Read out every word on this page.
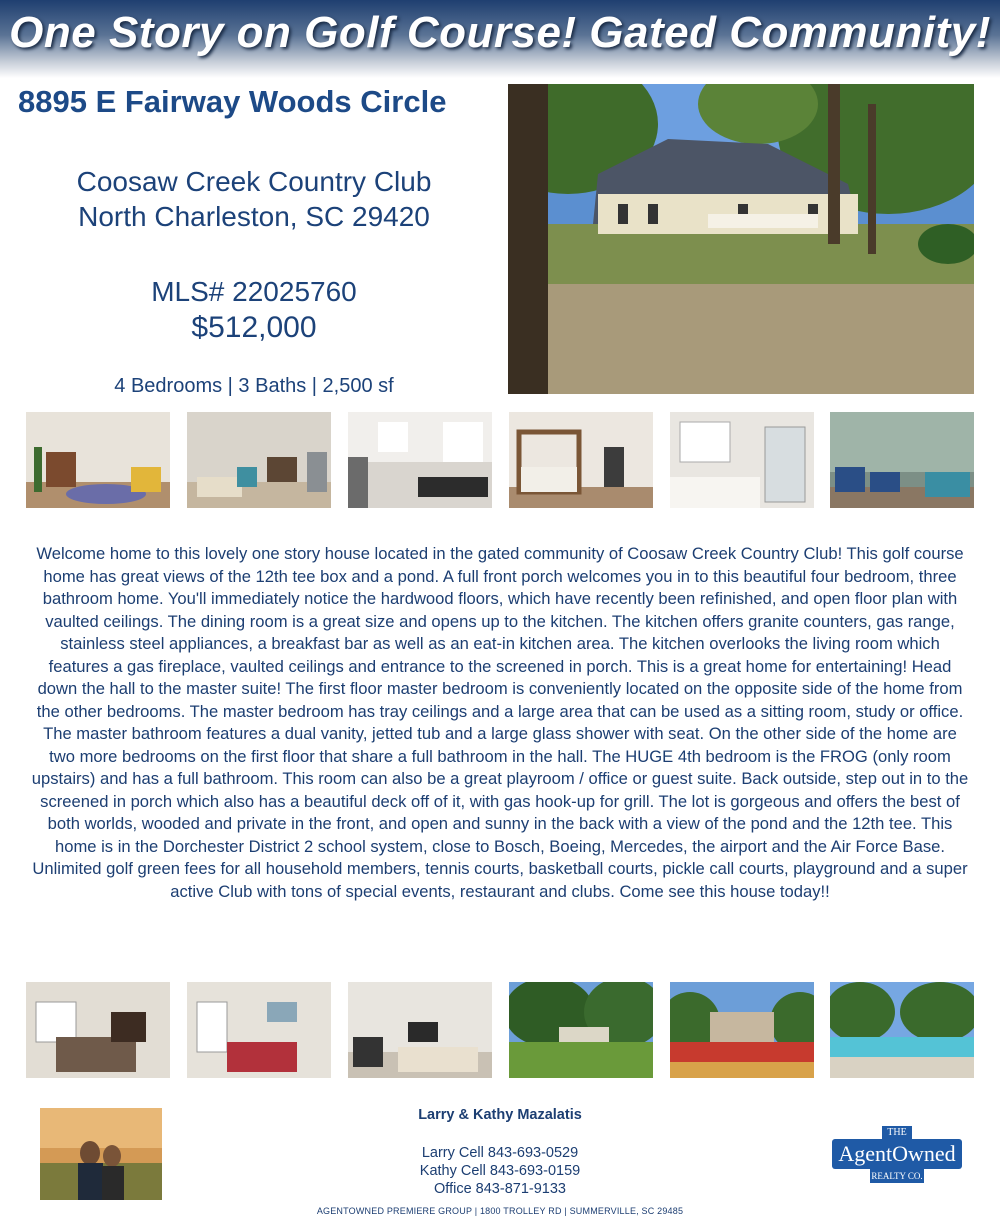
One Story on Golf Course! Gated Community!
8895 E Fairway Woods Circle
Coosaw Creek Country Club
North Charleston, SC 29420
MLS# 22025760
$512,000
4 Bedrooms | 3 Baths | 2,500 sf

Welcome home to this lovely one story house located in the gated community of Coosaw Creek Country Club! This golf course home has great views of the 12th tee box and a pond. A full front porch welcomes you in to this beautiful four bedroom, three bathroom home. You'll immediately notice the hardwood floors, which have recently been refinished, and open floor plan with vaulted ceilings. The dining room is a great size and opens up to the kitchen. The kitchen offers granite counters, gas range, stainless steel appliances, a breakfast bar as well as an eat-in kitchen area. The kitchen overlooks the living room which features a gas fireplace, vaulted ceilings and entrance to the screened in porch. This is a great home for entertaining! Head down the hall to the master suite! The first floor master bedroom is conveniently located on the opposite side of the home from the other bedrooms. The master bedroom has tray ceilings and a large area that can be used as a sitting room, study or office. The master bathroom features a dual vanity, jetted tub and a large glass shower with seat. On the other side of the home are two more bedrooms on the first floor that share a full bathroom in the hall. The HUGE 4th bedroom is the FROG (only room upstairs) and has a full bathroom. This room can also be a great playroom / office or guest suite. Back outside, step out in to the screened in porch which also has a beautiful deck off of it, with gas hook-up for grill. The lot is gorgeous and offers the best of both worlds, wooded and private in the front, and open and sunny in the back with a view of the pond and the 12th tee. This home is in the Dorchester District 2 school system, close to Bosch, Boeing, Mercedes, the airport and the Air Force Base. Unlimited golf green fees for all household members, tennis courts, basketball courts, pickle call courts, playground and a super active Club with tons of special events, restaurant and clubs. Come see this house today!!

Larry & Kathy Mazalatis
Larry Cell 843-693-0529
Kathy Cell 843-693-0159
Office 843-871-9133
AGENTOWNED PREMIERE GROUP | 1800 TROLLEY RD | SUMMERVILLE, SC 29485
THE
AgentOwned
REALTY CO.
